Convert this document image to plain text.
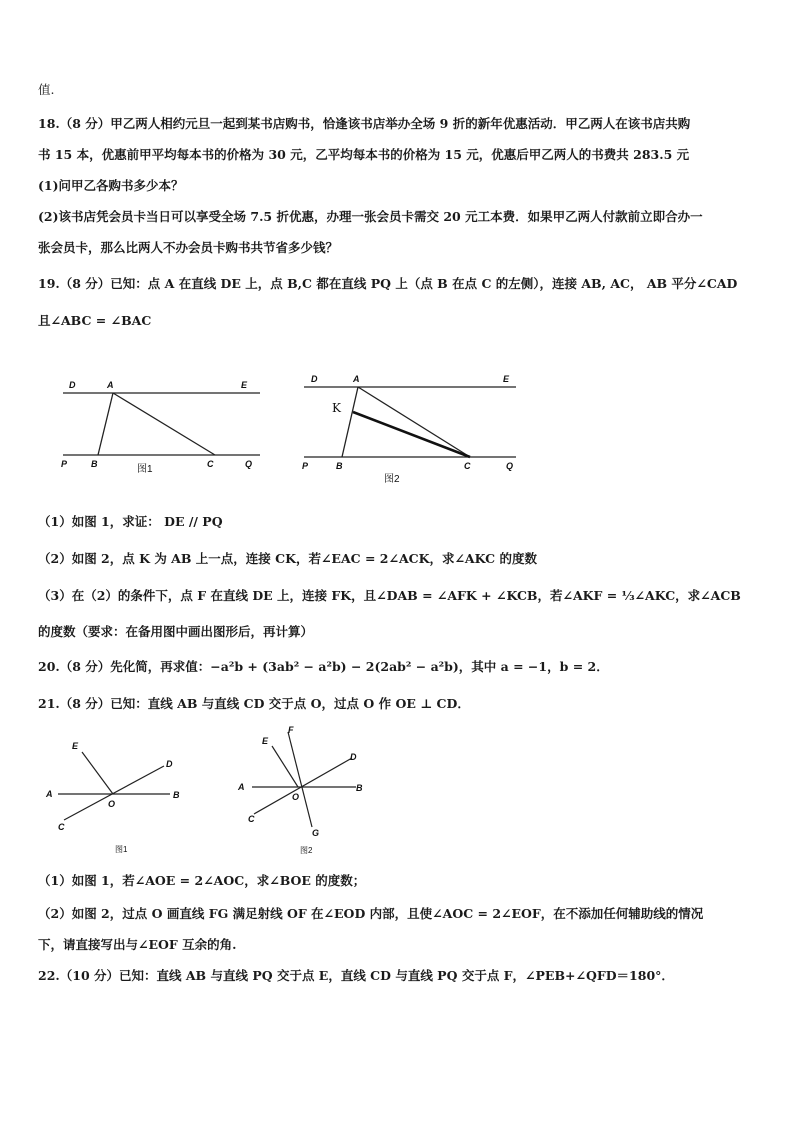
值.
18.（8 分）甲乙两人相约元旦一起到某书店购书，恰逢该书店举办全场 9 折的新年优惠活动．甲乙两人在该书店共购
书 15 本，优惠前甲平均每本书的价格为 30 元，乙平均每本书的价格为 15 元，优惠后甲乙两人的书费共 283.5 元
(1)问甲乙各购书多少本？
(2)该书店凭会员卡当日可以享受全场 7.5 折优惠，办理一张会员卡需交 20 元工本费．如果甲乙两人付款前立即合办一
张会员卡，那么比两人不办会员卡购书共节省多少钱？
19.（8 分）已知：点 A 在直线 DE 上，点 B,C 都在直线 PQ 上（点 B 在点 C 的左侧），连接 AB, AC， AB 平分∠CAD
且∠ABC = ∠BAC
D	A	E
P	B	C	Q
图1
D	A	E
K
P	B	C	Q
图2
（1）如图 1，求证： DE // PQ
（2）如图 2，点 K 为 AB 上一点，连接 CK，若∠EAC = 2∠ACK，求∠AKC 的度数
（3）在（2）的条件下，点 F 在直线 DE 上，连接 FK，且∠DAB = ∠AFK + ∠KCB，若∠AKF = ⅓∠AKC，求∠ACB
的度数（要求：在备用图中画出图形后，再计算）
20.（8 分）先化简，再求值：−a²b + (3ab² − a²b) − 2(2ab² − a²b)，其中 a = −1，b = 2．
21.（8 分）已知：直线 AB 与直线 CD 交于点 O，过点 O 作 OE ⊥ CD．
E
D
A
O
B
C
图1
E
F
D
A
O
B
C
G
图2
（1）如图 1，若∠AOE = 2∠AOC，求∠BOE 的度数；
（2）如图 2，过点 O 画直线 FG 满足射线 OF 在∠EOD 内部，且使∠AOC = 2∠EOF，在不添加任何辅助线的情况
下，请直接写出与∠EOF 互余的角.
22.（10 分）已知：直线 AB 与直线 PQ 交于点 E，直线 CD 与直线 PQ 交于点 F，∠PEB+∠QFD＝180°．
